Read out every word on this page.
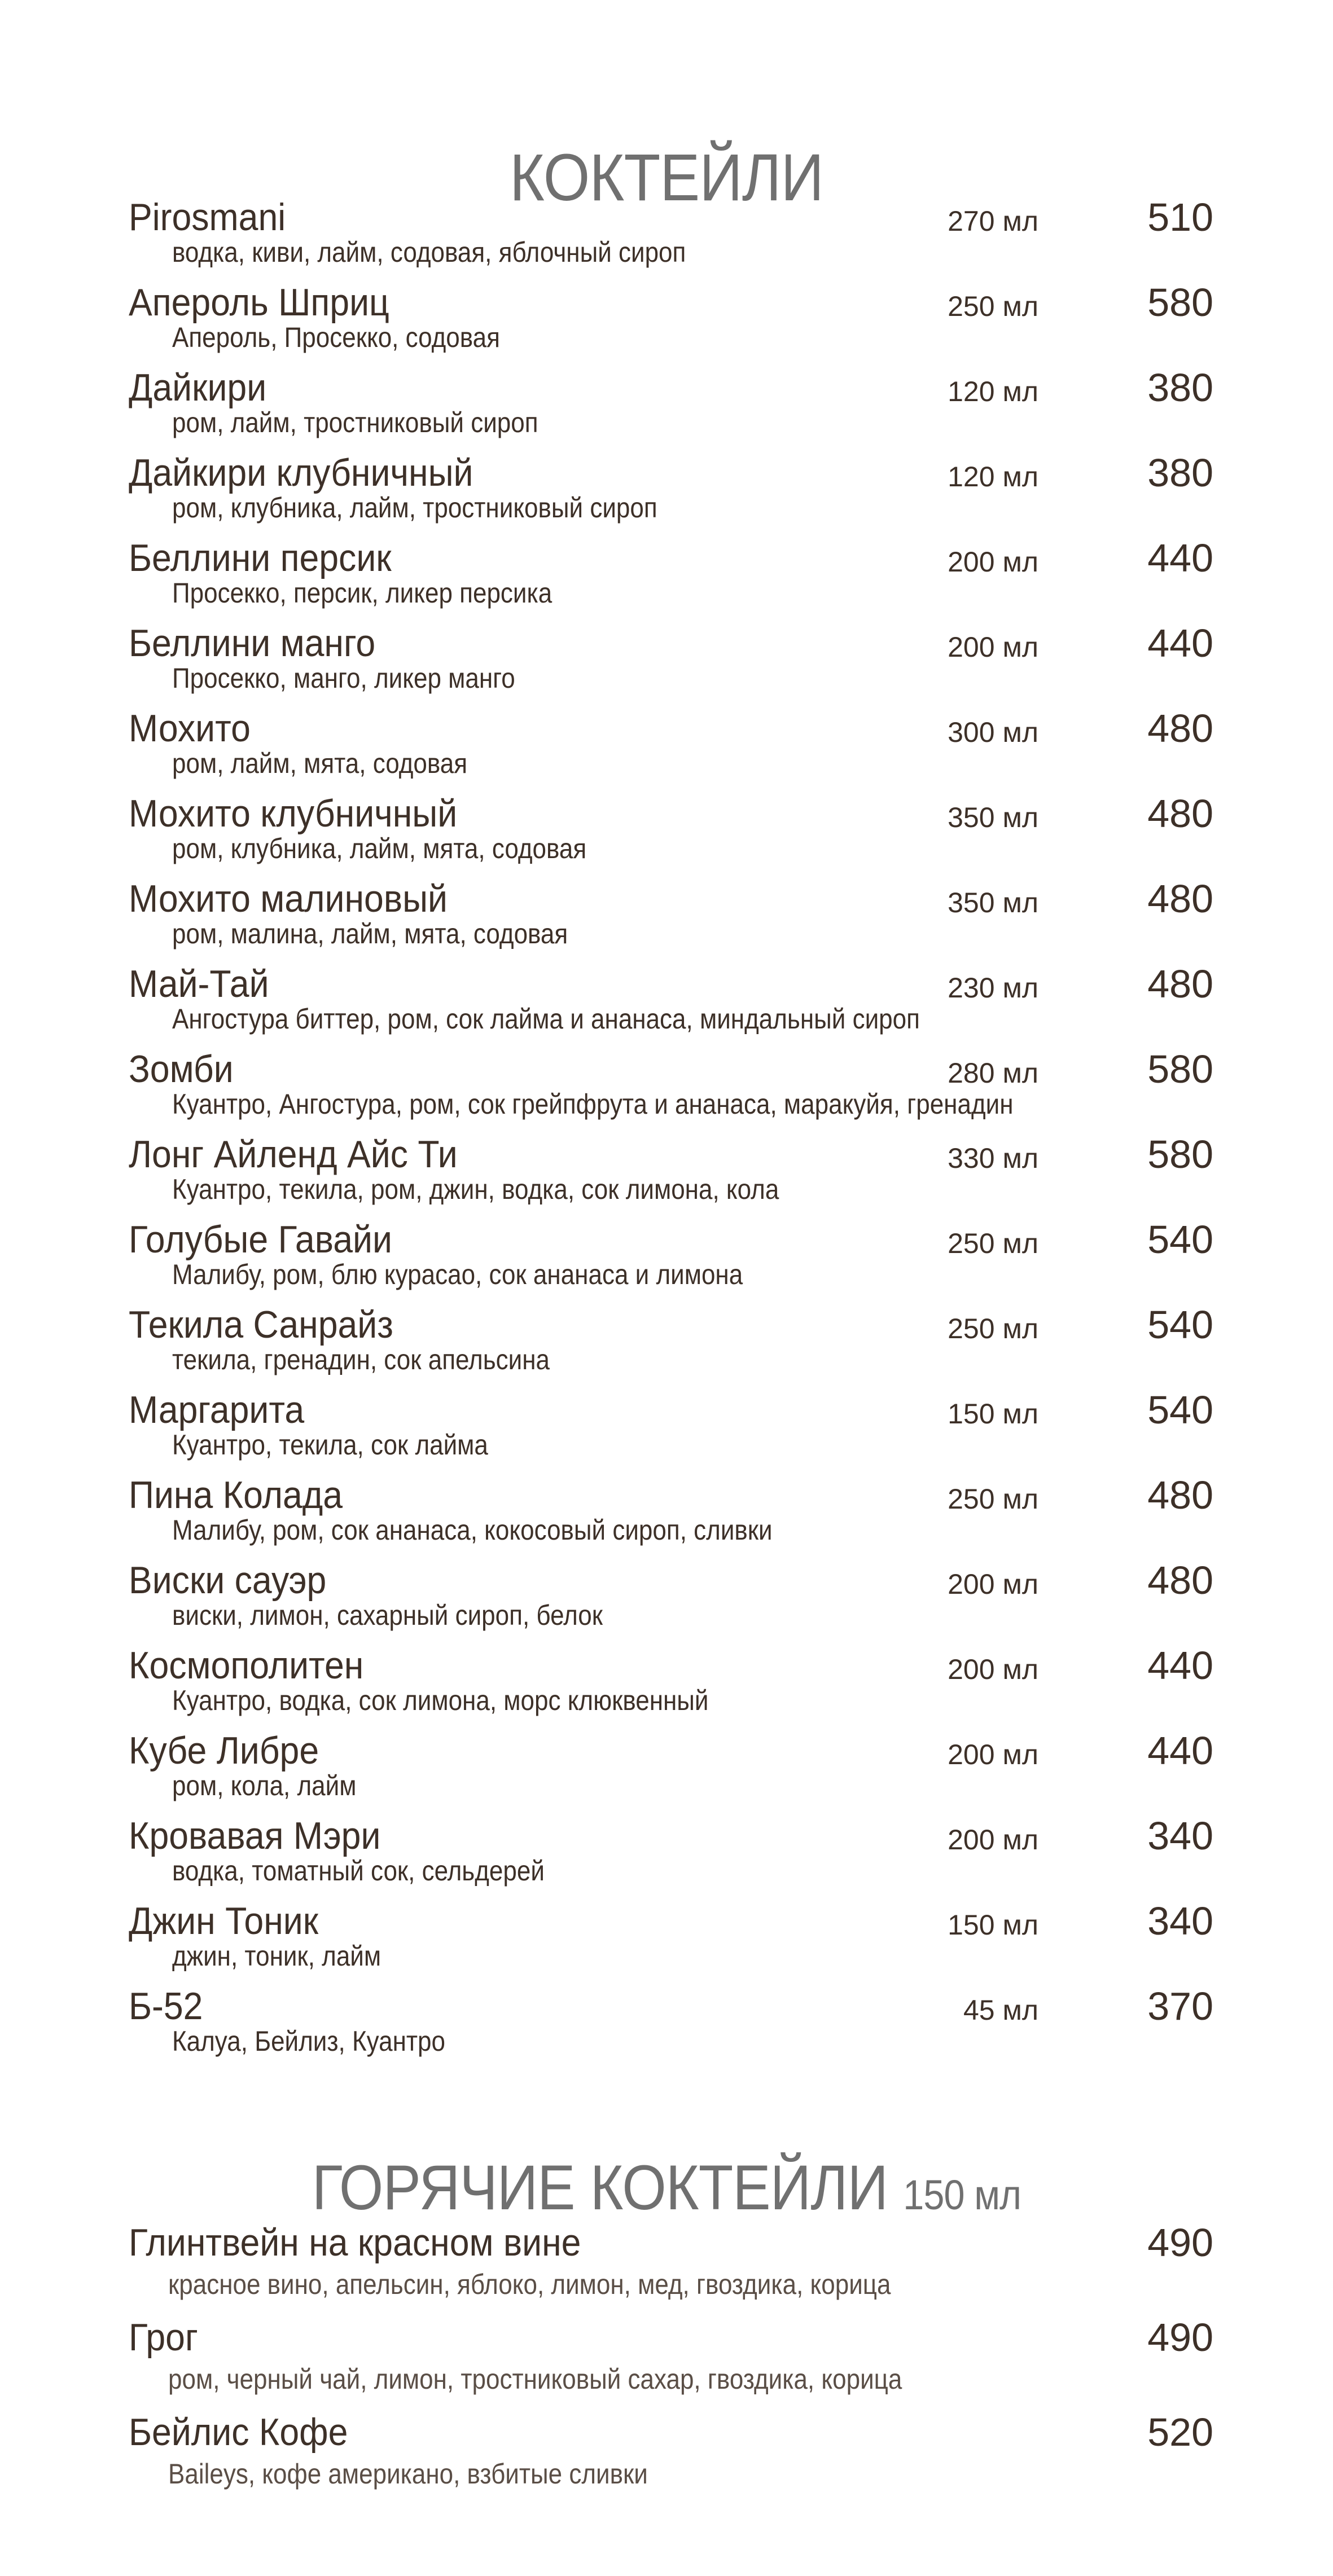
КОКТЕЙЛИ
Pirosmani	270 мл	510
водка, киви, лайм, содовая, яблочный сироп
Апероль Шприц	250 мл	580
Апероль, Просекко, содовая
Дайкири	120 мл	380
ром, лайм, тростниковый сироп
Дайкири клубничный	120 мл	380
ром, клубника, лайм, тростниковый сироп
Беллини персик	200 мл	440
Просекко, персик, ликер персика
Беллини манго	200 мл	440
Просекко, манго, ликер манго
Мохито	300 мл	480
ром, лайм, мята, содовая
Мохито клубничный	350 мл	480
ром, клубника, лайм, мята, содовая
Мохито малиновый	350 мл	480
ром, малина, лайм, мята, содовая
Май-Тай	230 мл	480
Ангостура биттер, ром, сок лайма и ананаса, миндальный сироп
Зомби	280 мл	580
Куантро, Ангостура, ром, сок грейпфрута и ананаса, маракуйя, гренадин
Лонг Айленд Айс Ти	330 мл	580
Куантро, текила, ром, джин, водка, сок лимона, кола
Голубые Гавайи	250 мл	540
Малибу, ром, блю курасао, сок ананаса и лимона
Текила Санрайз	250 мл	540
текила, гренадин, сок апельсина
Маргарита	150 мл	540
Куантро, текила, сок лайма
Пина Колада	250 мл	480
Малибу, ром, сок ананаса, кокосовый сироп, сливки
Виски сауэр	200 мл	480
виски, лимон, сахарный сироп, белок
Космополитен	200 мл	440
Куантро, водка, сок лимона, морс клюквенный
Кубе Либре	200 мл	440
ром, кола, лайм
Кровавая Мэри	200 мл	340
водка, томатный сок, сельдерей
Джин Тоник	150 мл	340
джин, тоник, лайм
Б-52	45 мл	370
Калуа, Бейлиз, Куантро
ГОРЯЧИЕ КОКТЕЙЛИ 150 мл
Глинтвейн на красном вине	490
красное вино, апельсин, яблоко, лимон, мед, гвоздика, корица
Грог	490
ром, черный чай, лимон, тростниковый сахар, гвоздика, корица
Бейлис Кофе	520
Baileys, кофе американо, взбитые сливки
